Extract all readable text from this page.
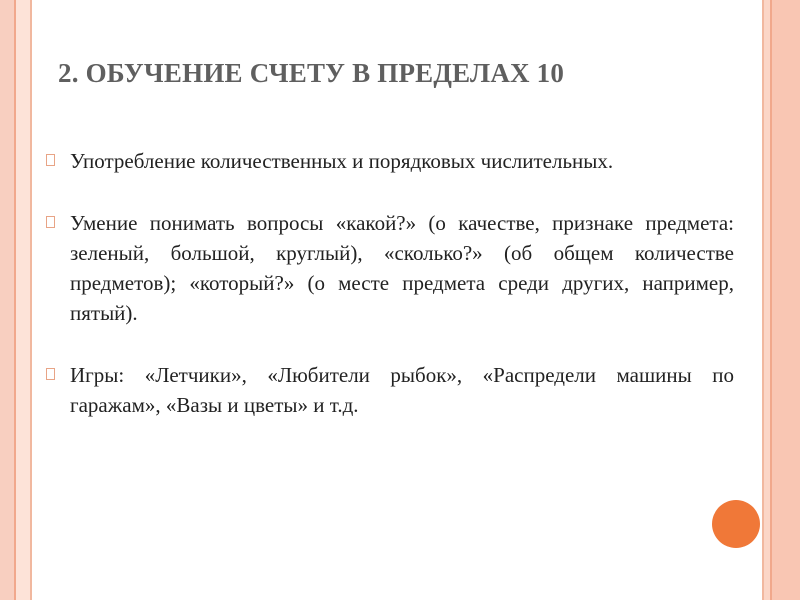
2. ОБУЧЕНИЕ СЧЕТУ В ПРЕДЕЛАХ 10
Употребление количественных и порядковых числительных.
Умение понимать вопросы «какой?» (о качестве, признаке предмета: зеленый, большой, круглый), «сколько?» (об общем количестве предметов); «который?» (о месте предмета среди других, например, пятый).
Игры: «Летчики», «Любители рыбок», «Распредели машины по гаражам», «Вазы и цветы» и т.д.
